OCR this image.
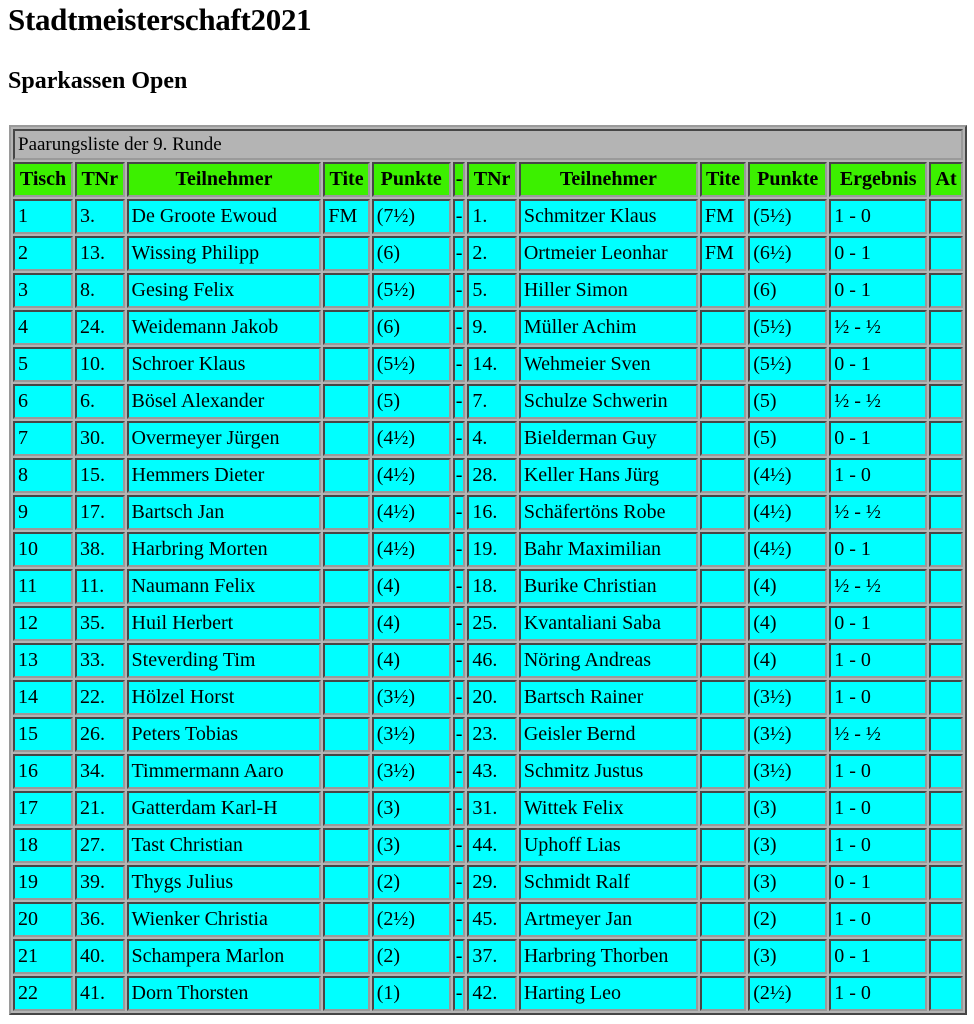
Stadtmeisterschaft2021
Sparkassen Open
Paarungsliste der 9. Runde											
Tisch	TNr	Teilnehmer	Tite	Punkte	-	TNr	Teilnehmer	Tite	Punkte	Ergebnis	At
1	3.	De Groote Ewoud	FM	(7½)	-	1.	Schmitzer Klaus	FM	(5½)	1 - 0	
2	13.	Wissing Philipp		(6)	-	2.	Ortmeier Leonhar	FM	(6½)	0 - 1	
3	8.	Gesing Felix		(5½)	-	5.	Hiller Simon		(6)	0 - 1	
4	24.	Weidemann Jakob		(6)	-	9.	Müller Achim		(5½)	½ - ½	
5	10.	Schroer Klaus		(5½)	-	14.	Wehmeier Sven		(5½)	0 - 1	
6	6.	Bösel Alexander		(5)	-	7.	Schulze Schwerin		(5)	½ - ½	
7	30.	Overmeyer Jürgen		(4½)	-	4.	Bielderman Guy		(5)	0 - 1	
8	15.	Hemmers Dieter		(4½)	-	28.	Keller Hans Jürg		(4½)	1 - 0	
9	17.	Bartsch Jan		(4½)	-	16.	Schäfertöns Robe		(4½)	½ - ½	
10	38.	Harbring Morten		(4½)	-	19.	Bahr Maximilian		(4½)	0 - 1	
11	11.	Naumann Felix		(4)	-	18.	Burike Christian		(4)	½ - ½	
12	35.	Huil Herbert		(4)	-	25.	Kvantaliani Saba		(4)	0 - 1	
13	33.	Steverding Tim		(4)	-	46.	Nöring Andreas		(4)	1 - 0	
14	22.	Hölzel Horst		(3½)	-	20.	Bartsch Rainer		(3½)	1 - 0	
15	26.	Peters Tobias		(3½)	-	23.	Geisler Bernd		(3½)	½ - ½	
16	34.	Timmermann Aaro		(3½)	-	43.	Schmitz Justus		(3½)	1 - 0	
17	21.	Gatterdam Karl-H		(3)	-	31.	Wittek Felix		(3)	1 - 0	
18	27.	Tast Christian		(3)	-	44.	Uphoff Lias		(3)	1 - 0	
19	39.	Thygs Julius		(2)	-	29.	Schmidt Ralf		(3)	0 - 1	
20	36.	Wienker Christia		(2½)	-	45.	Artmeyer Jan		(2)	1 - 0	
21	40.	Schampera Marlon		(2)	-	37.	Harbring Thorben		(3)	0 - 1	
22	41.	Dorn Thorsten		(1)	-	42.	Harting Leo		(2½)	1 - 0	
